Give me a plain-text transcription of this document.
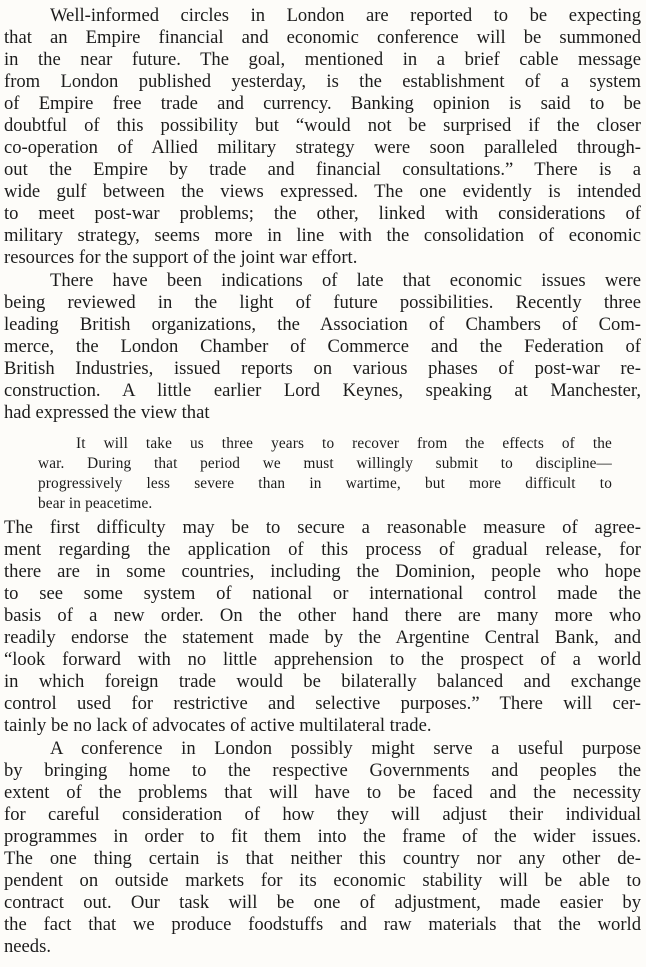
Well-informed circles in London are reported to be expecting
that an Empire financial and economic conference will be summoned
in the near future. The goal, mentioned in a brief cable message
from London published yesterday, is the establishment of a system
of Empire free trade and currency. Banking opinion is said to be
doubtful of this possibility but “would not be surprised if the closer
co-operation of Allied military strategy were soon paralleled through-
out the Empire by trade and financial consultations.” There is a
wide gulf between the views expressed. The one evidently is intended
to meet post-war problems; the other, linked with considerations of
military strategy, seems more in line with the consolidation of economic
resources for the support of the joint war effort.
There have been indications of late that economic issues were
being reviewed in the light of future possibilities. Recently three
leading British organizations, the Association of Chambers of Com-
merce, the London Chamber of Commerce and the Federation of
British Industries, issued reports on various phases of post-war re-
construction. A little earlier Lord Keynes, speaking at Manchester,
had expressed the view that
It will take us three years to recover from the effects of the
war. During that period we must willingly submit to discipline—
progressively less severe than in wartime, but more difficult to
bear in peacetime.
The first difficulty may be to secure a reasonable measure of agree-
ment regarding the application of this process of gradual release, for
there are in some countries, including the Dominion, people who hope
to see some system of national or international control made the
basis of a new order. On the other hand there are many more who
readily endorse the statement made by the Argentine Central Bank, and
“look forward with no little apprehension to the prospect of a world
in which foreign trade would be bilaterally balanced and exchange
control used for restrictive and selective purposes.” There will cer-
tainly be no lack of advocates of active multilateral trade.
A conference in London possibly might serve a useful purpose
by bringing home to the respective Governments and peoples the
extent of the problems that will have to be faced and the necessity
for careful consideration of how they will adjust their individual
programmes in order to fit them into the frame of the wider issues.
The one thing certain is that neither this country nor any other de-
pendent on outside markets for its economic stability will be able to
contract out. Our task will be one of adjustment, made easier by
the fact that we produce foodstuffs and raw materials that the world
needs.
